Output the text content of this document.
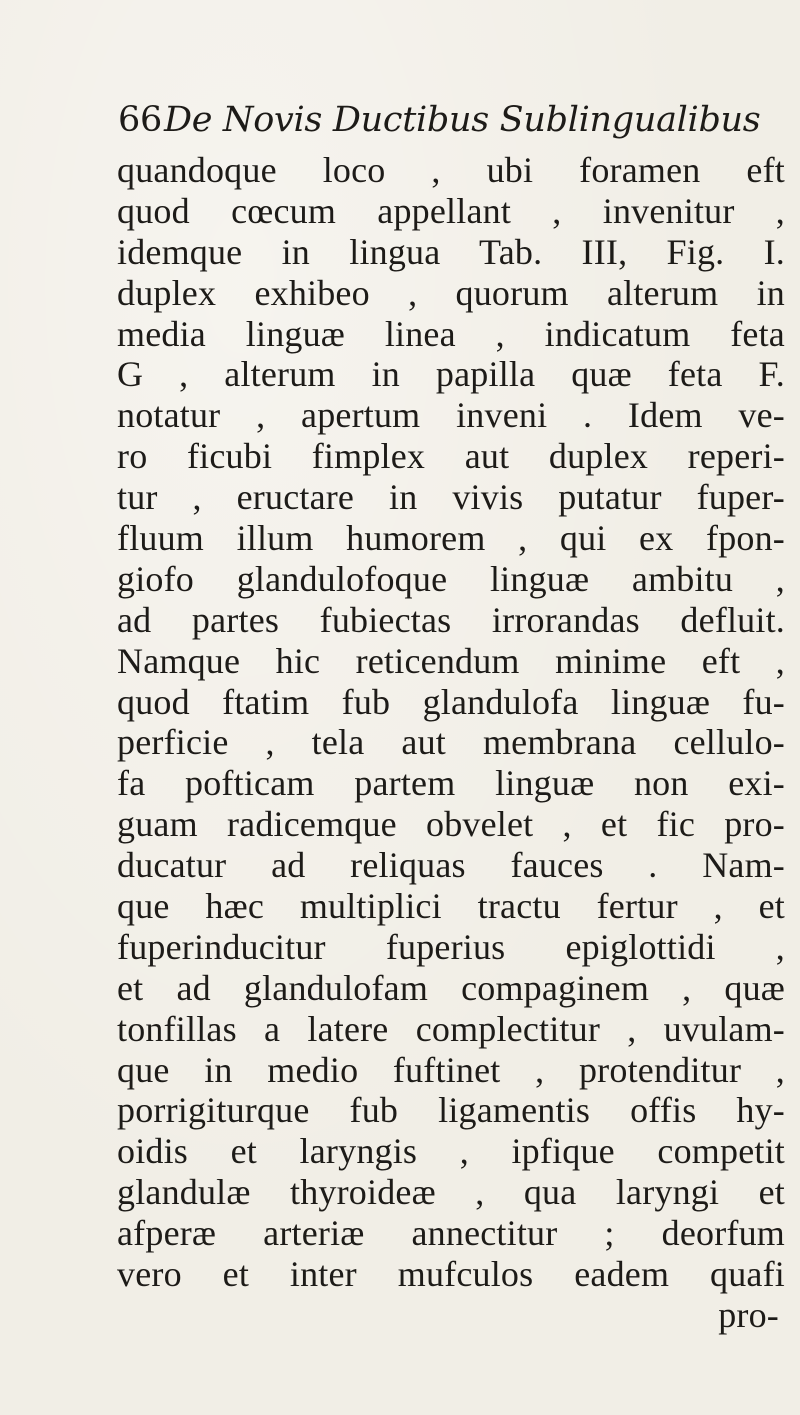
66De Novis Ductibus Sublingualibus
quandoque loco , ubi foramen eft
quod cœcum appellant , invenitur ,
idemque in lingua Tab. III, Fig. I.
duplex exhibeo , quorum alterum in
media linguæ linea , indicatum feta
G , alterum in papilla quæ feta F.
notatur , apertum inveni . Idem ve-
ro ficubi fimplex aut duplex reperi-
tur , eructare in vivis putatur fuper-
fluum illum humorem , qui ex fpon-
giofo glandulofoque linguæ ambitu ,
ad partes fubiectas irrorandas defluit.
Namque hic reticendum minime eft ,
quod ftatim fub glandulofa linguæ fu-
perficie , tela aut membrana cellulo-
fa pofticam partem linguæ non exi-
guam radicemque obvelet , et fic pro-
ducatur ad reliquas fauces . Nam-
que hæc multiplici tractu fertur , et
fuperinducitur fuperius epiglottidi ,
et ad glandulofam compaginem , quæ
tonfillas a latere complectitur , uvulam-
que in medio fuftinet , protenditur ,
porrigiturque fub ligamentis offis hy-
oidis et laryngis , ipfique competit
glandulæ thyroideæ , qua laryngi et
afperæ arteriæ annectitur ; deorfum
vero et inter mufculos eadem quafi
pro-
